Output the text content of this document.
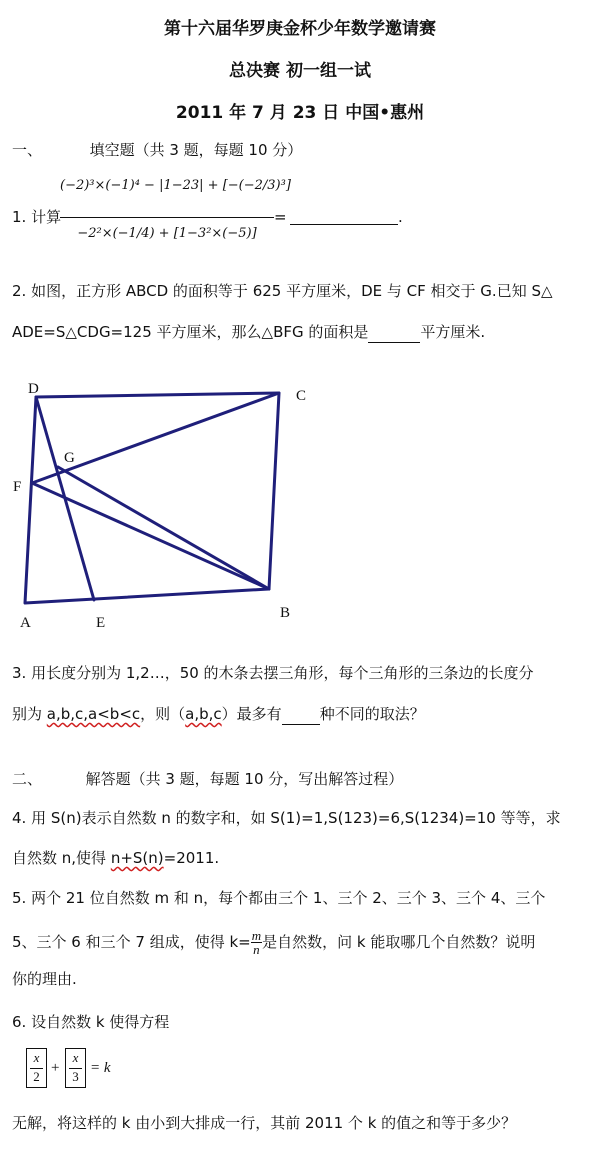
第十六届华罗庚金杯少年数学邀请赛
总决赛 初一组一试
2011 年 7 月 23 日 中国•惠州
一、	填空题（共 3 题，每题 10 分）
1. 计算
(−2)³×(−1)⁴ − |1−23| + [−(−2/3)³]
−2²×(−1/4) + [1−3²×(−5)]
=	.
2. 如图，正方形 ABCD 的面积等于 625 平方厘米，DE 与 CF 相交于 G.已知 S△
ADE=S△CDG=125 平方厘米，那么△BFG 的面积是	平方厘米.
D	C
G
F
A	E
B
3. 用长度分别为 1,2…，50 的木条去摆三角形，每个三角形的三条边的长度分
别为 a,b,c,a<b<c，则（a,b,c）最多有	种不同的取法？
二、	解答题（共 3 题，每题 10 分，写出解答过程）
4. 用 S(n)表示自然数 n 的数字和，如 S(1)=1,S(123)=6,S(1234)=10 等等，求
自然数 n,使得 n+S(n)=2011.
5. 两个 21 位自然数 m 和 n，每个都由三个 1、三个 2、三个 3、三个 4、三个
5、三个 6 和三个 7 组成，使得 $k= \frac{m}{n}$ 是自然数，问 k 能取哪几个自然数？说明
你的理由.
6. 设自然数 k 使得方程
x
2
+
x
3
= k
无解，将这样的 k 由小到大排成一行，其前 2011 个 k 的值之和等于多少？
